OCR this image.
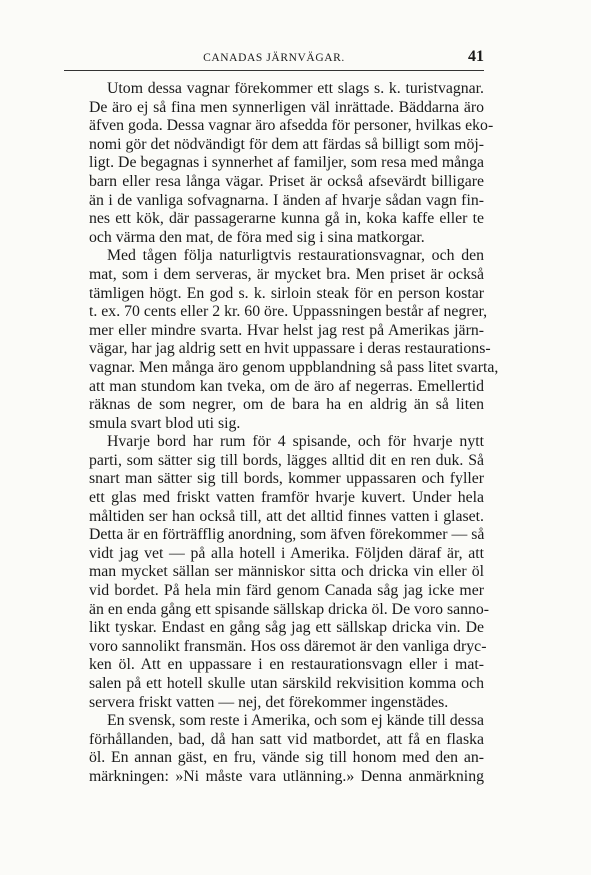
CANADAS JÄRNVÄGAR.	41
Utom dessa vagnar förekommer ett slags s. k. turistvagnar.
De äro ej så fina men synnerligen väl inrättade. Bäddarna äro
äfven goda. Dessa vagnar äro afsedda för personer, hvilkas eko-
nomi gör det nödvändigt för dem att färdas så billigt som möj-
ligt. De begagnas i synnerhet af familjer, som resa med många
barn eller resa långa vägar. Priset är också afsevärdt billigare
än i de vanliga sofvagnarna. I änden af hvarje sådan vagn fin-
nes ett kök, där passagerarne kunna gå in, koka kaffe eller te
och värma den mat, de föra med sig i sina matkorgar.
Med tågen följa naturligtvis restaurationsvagnar, och den
mat, som i dem serveras, är mycket bra. Men priset är också
tämligen högt. En god s. k. sirloin steak för en person kostar
t. ex. 70 cents eller 2 kr. 60 öre. Uppassningen består af negrer,
mer eller mindre svarta. Hvar helst jag rest på Amerikas järn-
vägar, har jag aldrig sett en hvit uppassare i deras restaurations-
vagnar. Men många äro genom uppblandning så pass litet svarta,
att man stundom kan tveka, om de äro af negerras. Emellertid
räknas de som negrer, om de bara ha en aldrig än så liten
smula svart blod uti sig.
Hvarje bord har rum för 4 spisande, och för hvarje nytt
parti, som sätter sig till bords, lägges alltid dit en ren duk. Så
snart man sätter sig till bords, kommer uppassaren och fyller
ett glas med friskt vatten framför hvarje kuvert. Under hela
måltiden ser han också till, att det alltid finnes vatten i glaset.
Detta är en förträfflig anordning, som äfven förekommer — så
vidt jag vet — på alla hotell i Amerika. Följden däraf är, att
man mycket sällan ser människor sitta och dricka vin eller öl
vid bordet. På hela min färd genom Canada såg jag icke mer
än en enda gång ett spisande sällskap dricka öl. De voro sanno-
likt tyskar. Endast en gång såg jag ett sällskap dricka vin. De
voro sannolikt fransmän. Hos oss däremot är den vanliga dryc-
ken öl. Att en uppassare i en restaurationsvagn eller i mat-
salen på ett hotell skulle utan särskild rekvisition komma och
servera friskt vatten — nej, det förekommer ingenstädes.
En svensk, som reste i Amerika, och som ej kände till dessa
förhållanden, bad, då han satt vid matbordet, att få en flaska
öl. En annan gäst, en fru, vände sig till honom med den an-
märkningen: »Ni måste vara utlänning.» Denna anmärkning
